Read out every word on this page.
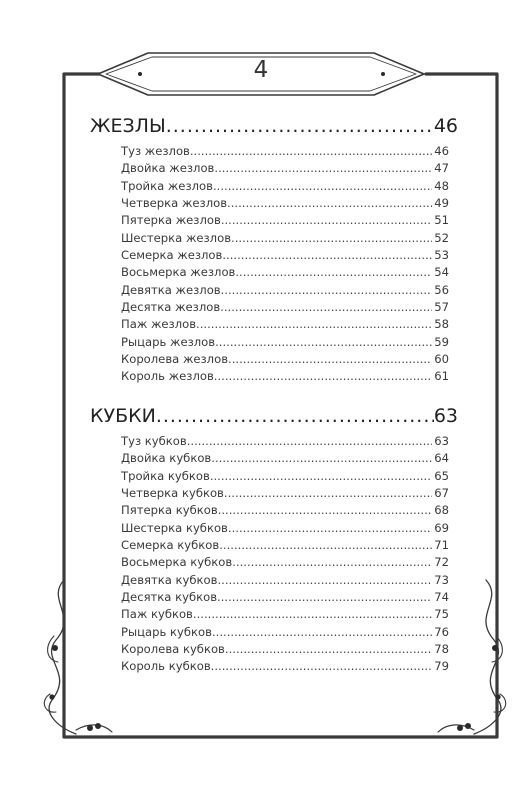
4
ЖЕЗЛЫ .....	46
Туз жезлов .....	46
Двойка жезлов .....	47
Тройка жезлов .....	48
Четверка жезлов .....	49
Пятерка жезлов .....	51
Шестерка жезлов .....	52
Семерка жезлов .....	53
Восьмерка жезлов .....	54
Девятка жезлов .....	56
Десятка жезлов .....	57
Паж жезлов .....	58
Рыцарь жезлов .....	59
Королева жезлов .....	60
Король жезлов .....	61
КУБКИ .....	63
Туз кубков .....	63
Двойка кубков .....	64
Тройка кубков .....	65
Четверка кубков .....	67
Пятерка кубков .....	68
Шестерка кубков .....	69
Семерка кубков .....	71
Восьмерка кубков .....	72
Девятка кубков .....	73
Десятка кубков .....	74
Паж кубков .....	75
Рыцарь кубков .....	76
Королева кубков .....	78
Король кубков .....	79
